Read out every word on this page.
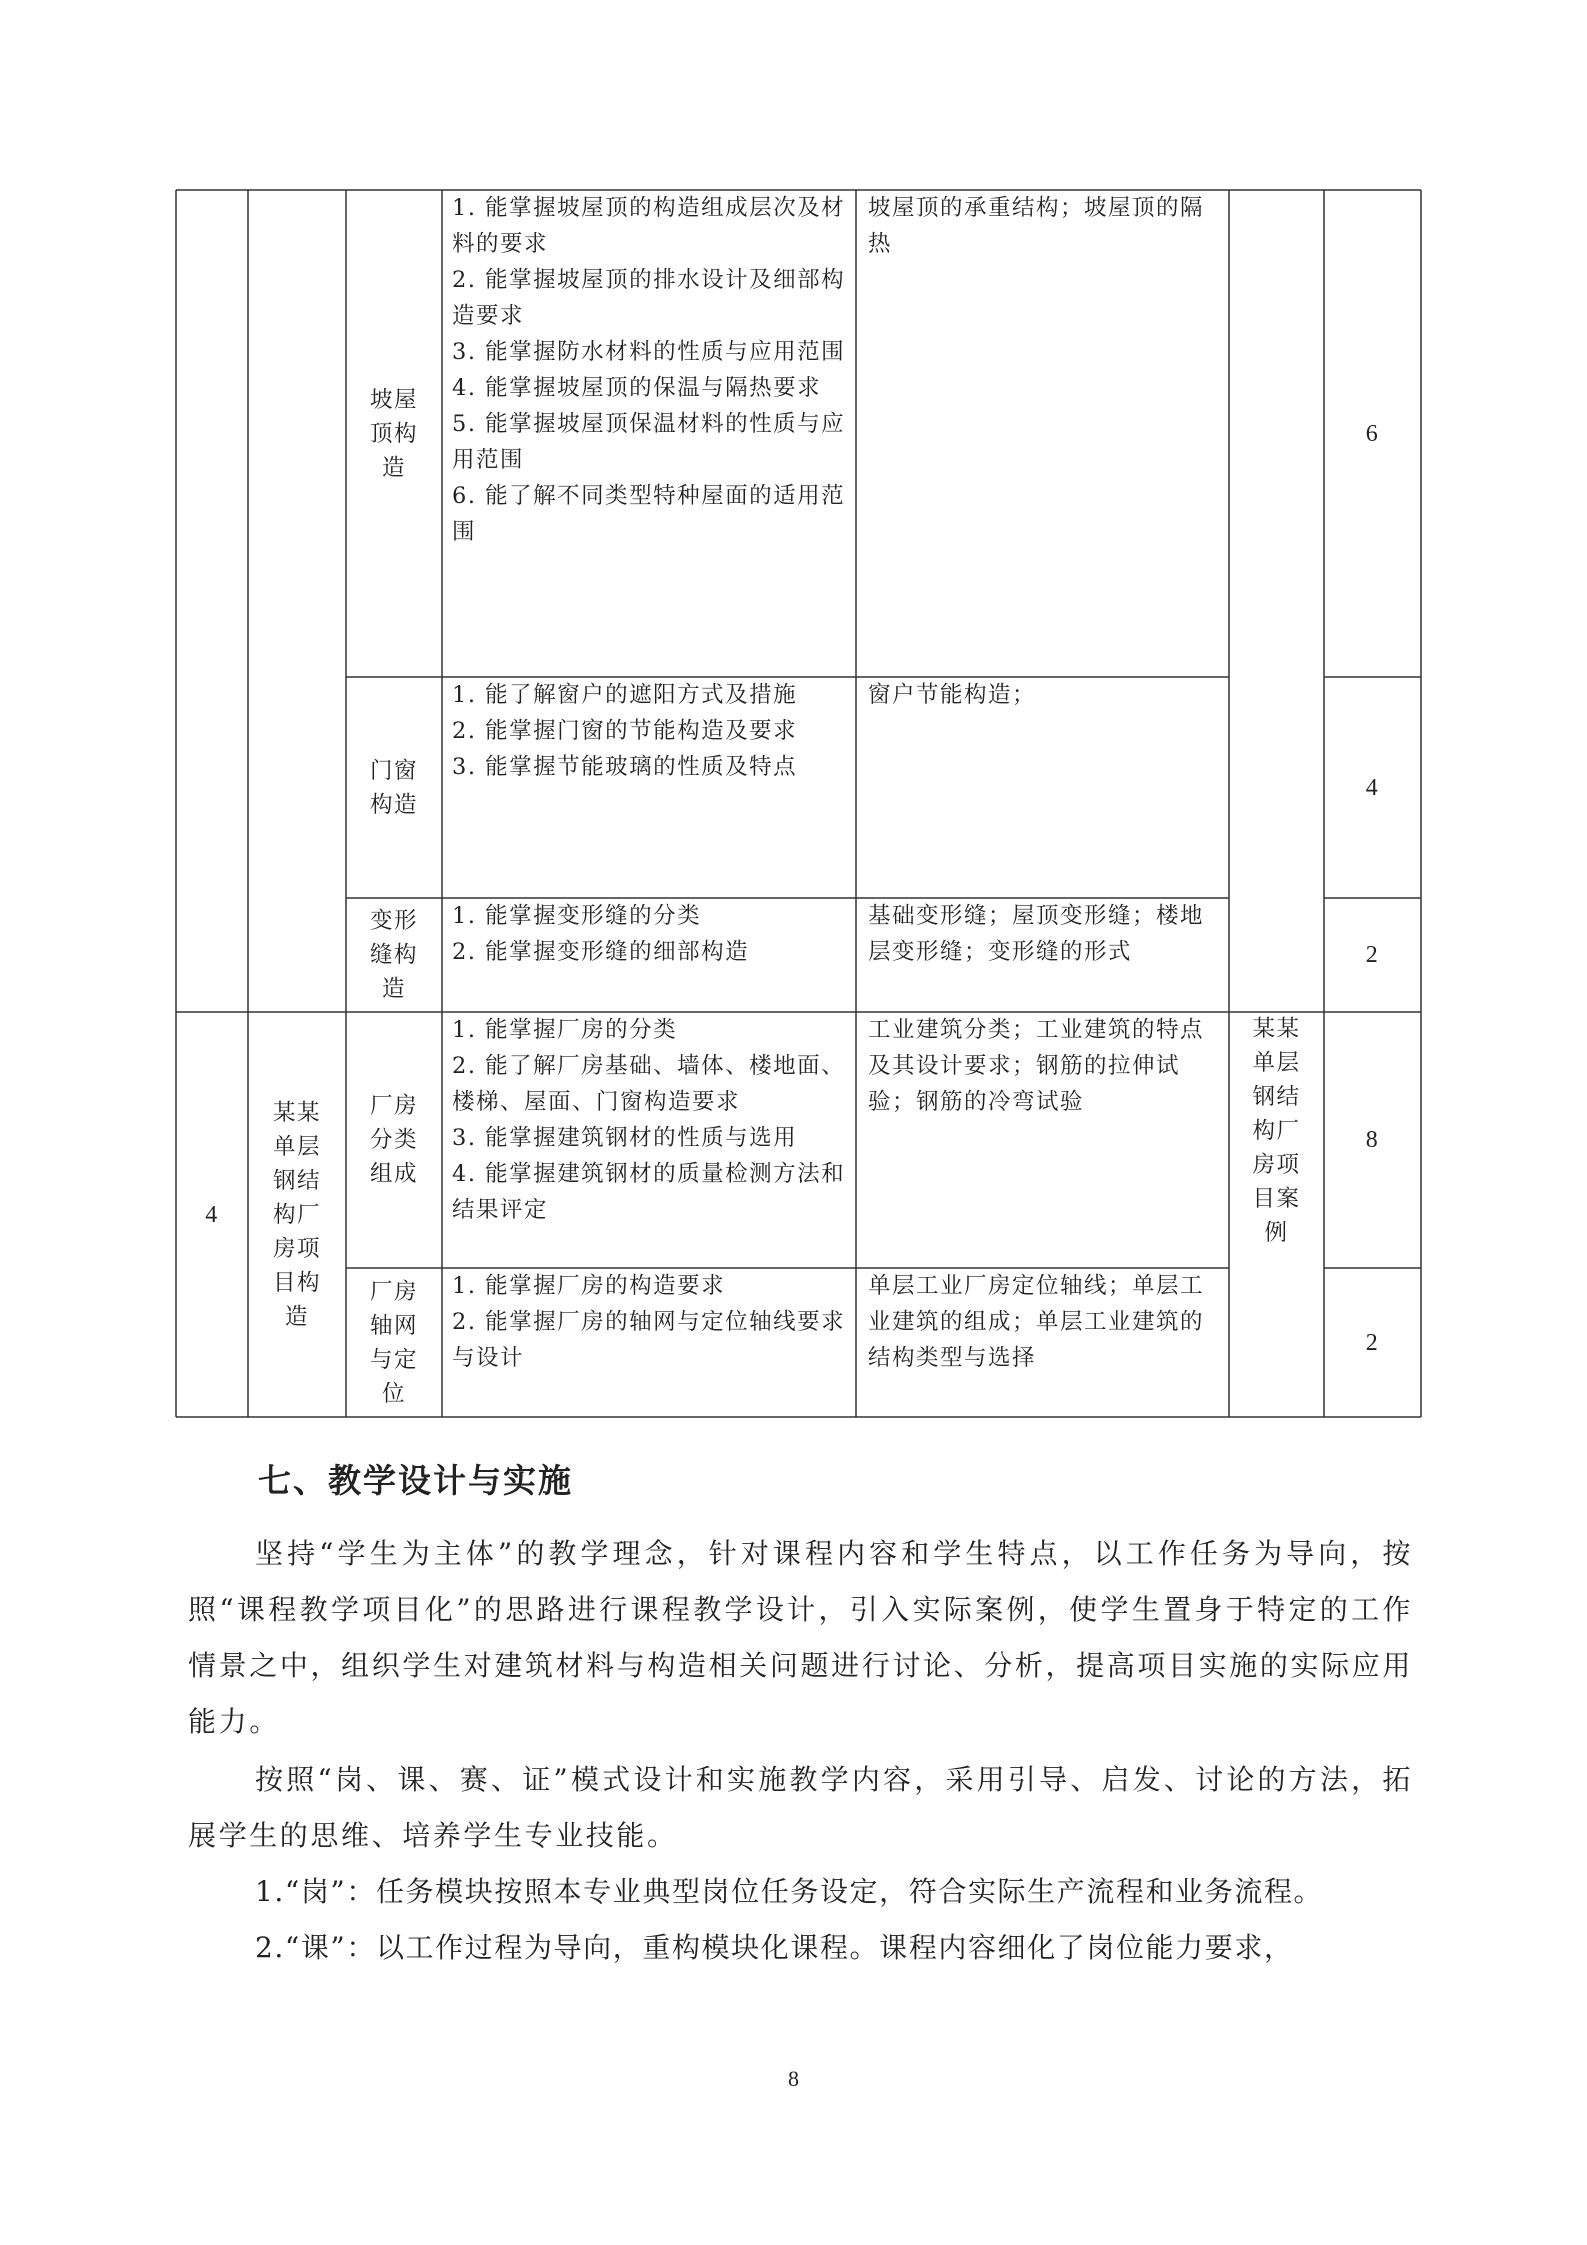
坡屋顶构造
1. 能掌握坡屋顶的构造组成层次及材料的要求
2. 能掌握坡屋顶的排水设计及细部构造要求
3. 能掌握防水材料的性质与应用范围
4. 能掌握坡屋顶的保温与隔热要求
5. 能掌握坡屋顶保温材料的性质与应用范围
6. 能了解不同类型特种屋面的适用范围
坡屋顶的承重结构；坡屋顶的隔热
6
门窗构造
1. 能了解窗户的遮阳方式及措施
2. 能掌握门窗的节能构造及要求
3. 能掌握节能玻璃的性质及特点
窗户节能构造；
4
变形缝构造
1. 能掌握变形缝的分类
2. 能掌握变形缝的细部构造
基础变形缝；屋顶变形缝；楼地层变形缝；变形缝的形式	2
4
某某单层钢结构厂房项目构造
某某单层钢结构厂房项目案例
厂房分类组成
1. 能掌握厂房的分类
2. 能了解厂房基础、墙体、楼地面、楼梯、屋面、门窗构造要求
3. 能掌握建筑钢材的性质与选用
4. 能掌握建筑钢材的质量检测方法和结果评定
工业建筑分类；工业建筑的特点及其设计要求；钢筋的拉伸试验；钢筋的冷弯试验
8
厂房轴网与定位
1. 能掌握厂房的构造要求
2. 能掌握厂房的轴网与定位轴线要求与设计
单层工业厂房定位轴线；单层工业建筑的组成；单层工业建筑的结构类型与选择
2
七、教学设计与实施

坚持“学生为主体”的教学理念，针对课程内容和学生特点，以工作任务为导向，按照“课程教学项目化”的思路进行课程教学设计，引入实际案例，使学生置身于特定的工作情景之中，组织学生对建筑材料与构造相关问题进行讨论、分析，提高项目实施的实际应用能力。

按照“岗、课、赛、证”模式设计和实施教学内容，采用引导、启发、讨论的方法，拓展学生的思维、培养学生专业技能。

1.“岗”：任务模块按照本专业典型岗位任务设定，符合实际生产流程和业务流程。

2.“课”：以工作过程为导向，重构模块化课程。课程内容细化了岗位能力要求，

8
